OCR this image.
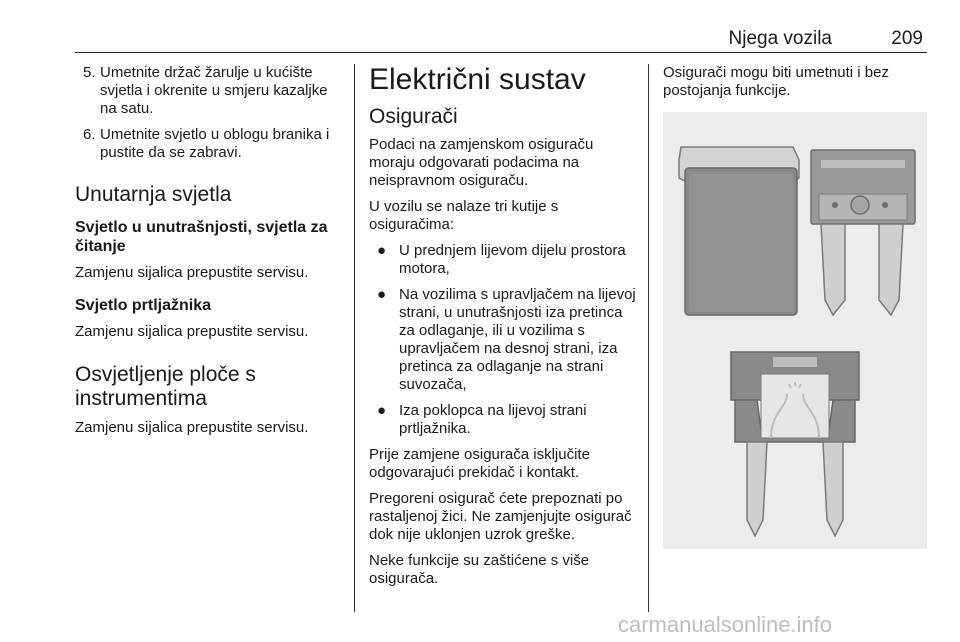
Njega vozila	209
5. Umetnite držač žarulje u kućište svjetla i okrenite u smjeru kazaljke na satu.
6. Umetnite svjetlo u oblogu branika i pustite da se zabravi.
Unutarnja svjetla
Svjetlo u unutrašnjosti, svjetla za čitanje

Zamjenu sijalica prepustite servisu.

Svjetlo prtljažnika

Zamjenu sijalica prepustite servisu.

Osvjetljenje ploče s instrumentima

Zamjenu sijalica prepustite servisu.

Električni sustav
Osigurači

Podaci na zamjenskom osiguraču moraju odgovarati podacima na neispravnom osiguraču.

U vozilu se nalaze tri kutije s osiguračima:

● U prednjem lijevom dijelu prostora motora,
● Na vozilima s upravljačem na lijevoj strani, u unutrašnjosti iza pretinca za odlaganje, ili u vozilima s upravljačem na desnoj strani, iza pretinca za odlaganje na strani suvozača,
● Iza poklopca na lijevoj strani prtljažnika.

Prije zamjene osigurača isključite odgovarajući prekidač i kontakt.

Pregoreni osigurač ćete prepoznati po rastaljenoj žici. Ne zamjenjujte osigurač dok nije uklonjen uzrok greške.

Neke funkcije su zaštićene s više osigurača.

Osigurači mogu biti umetnuti i bez postojanja funkcije.

carmanualsonline.info
